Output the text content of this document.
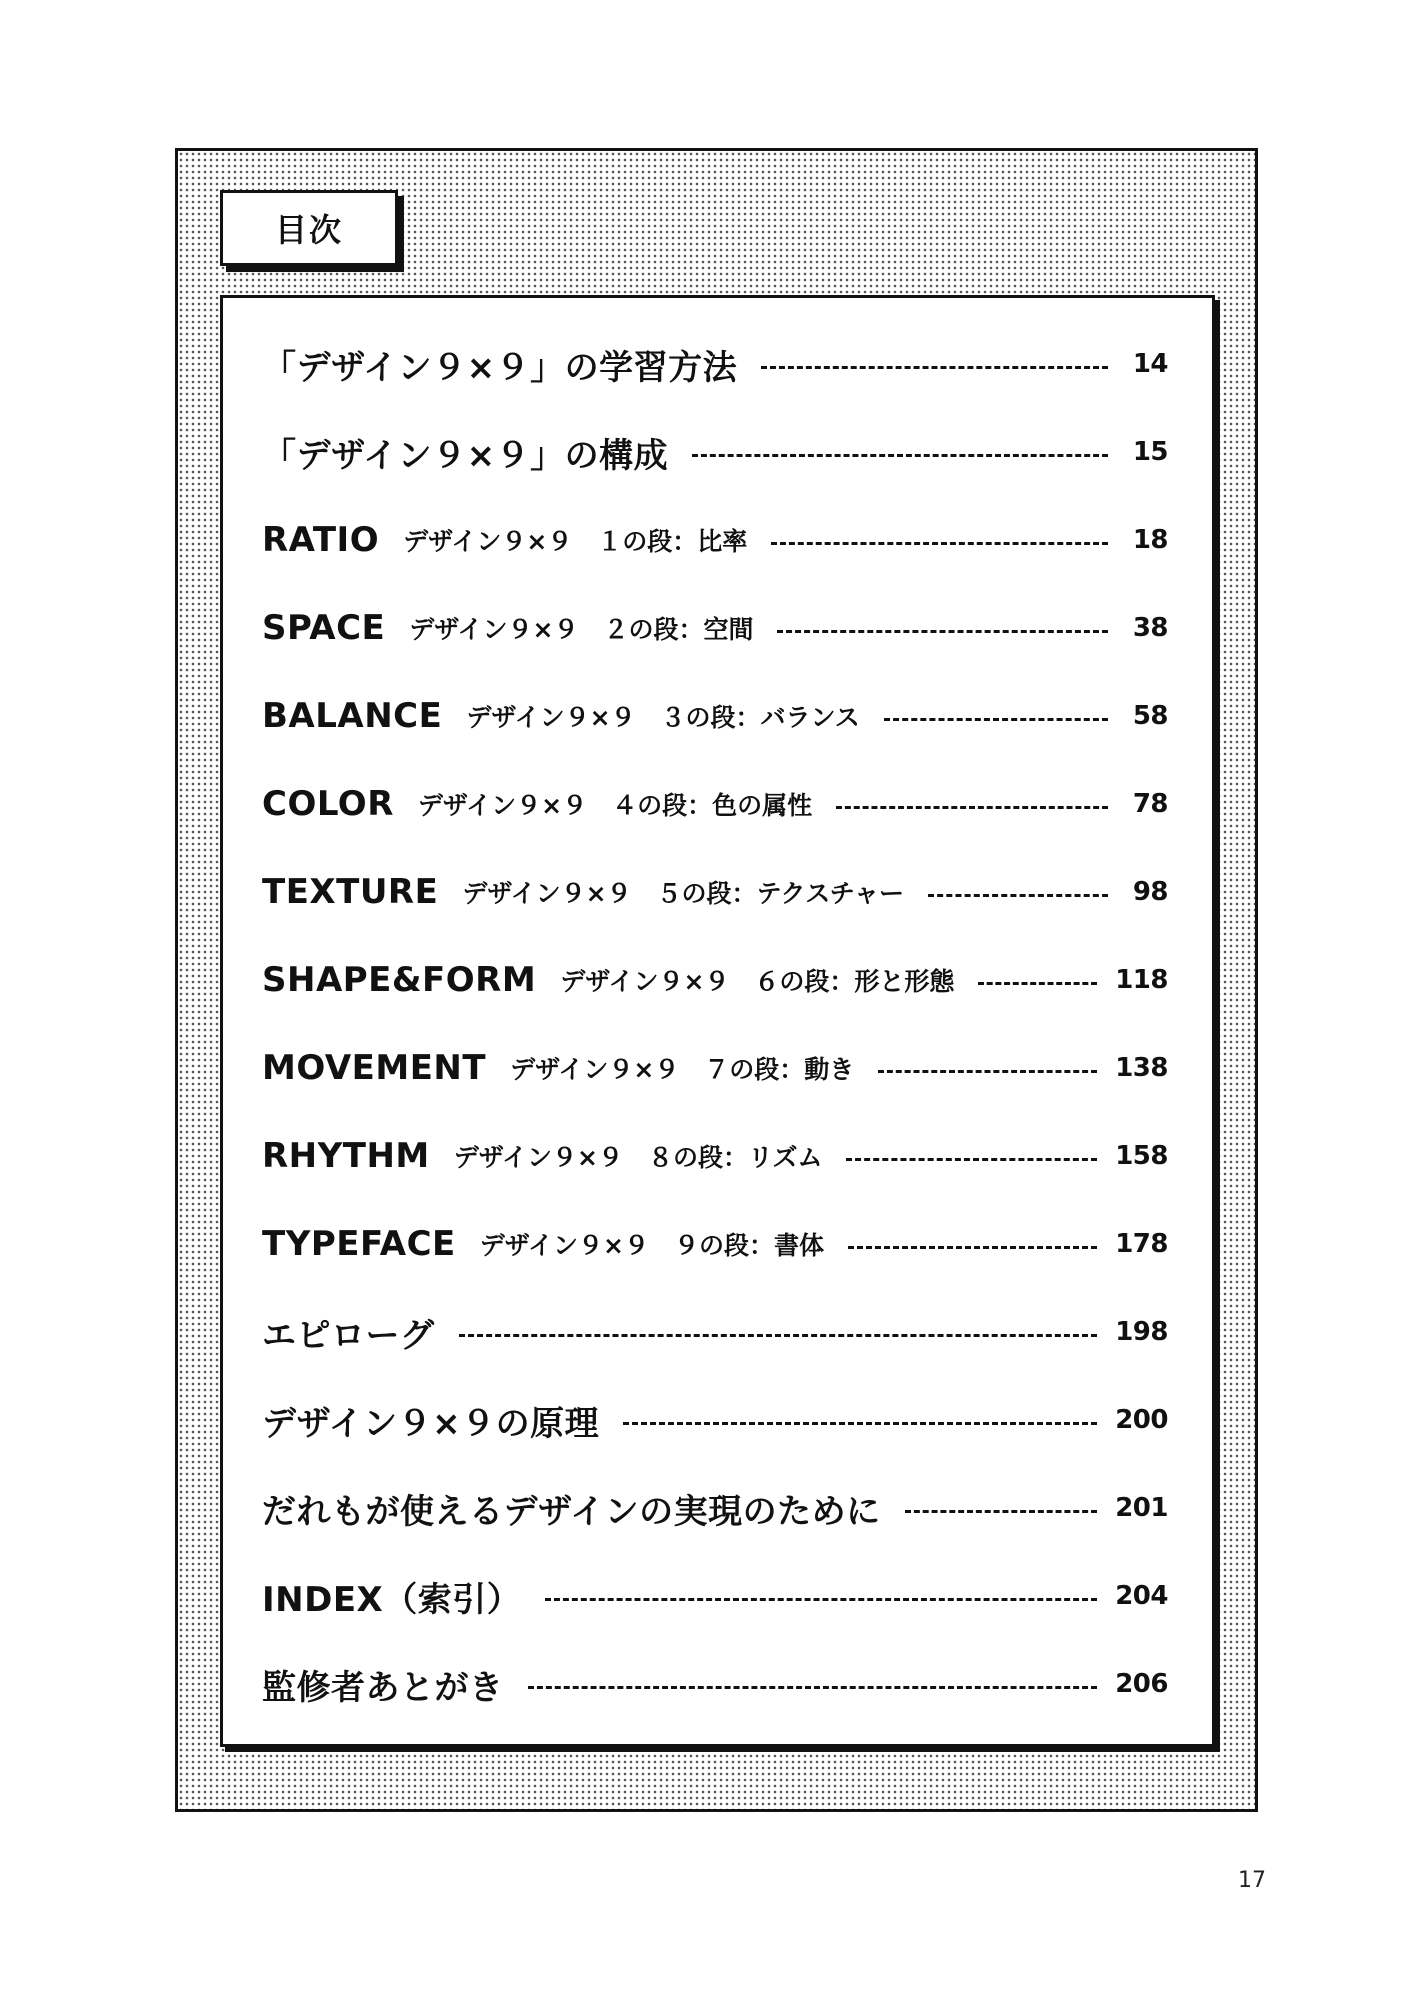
目次
「デザイン９×９」の学習方法	14
「デザイン９×９」の構成	15
RATIO デザイン９×９　１の段：比率	18
SPACE デザイン９×９　２の段：空間	38
BALANCE デザイン９×９　３の段：バランス	58
COLOR デザイン９×９　４の段：色の属性	78
TEXTURE デザイン９×９　５の段：テクスチャー	98
SHAPE&FORM デザイン９×９　６の段：形と形態	118
MOVEMENT デザイン９×９　７の段：動き	138
RHYTHM デザイン９×９　８の段：リズム	158
TYPEFACE デザイン９×９　９の段：書体	178
エピローグ	198
デザイン９×９の原理	200
だれもが使えるデザインの実現のために	201
INDEX（索引）	204
監修者あとがき	206
17
